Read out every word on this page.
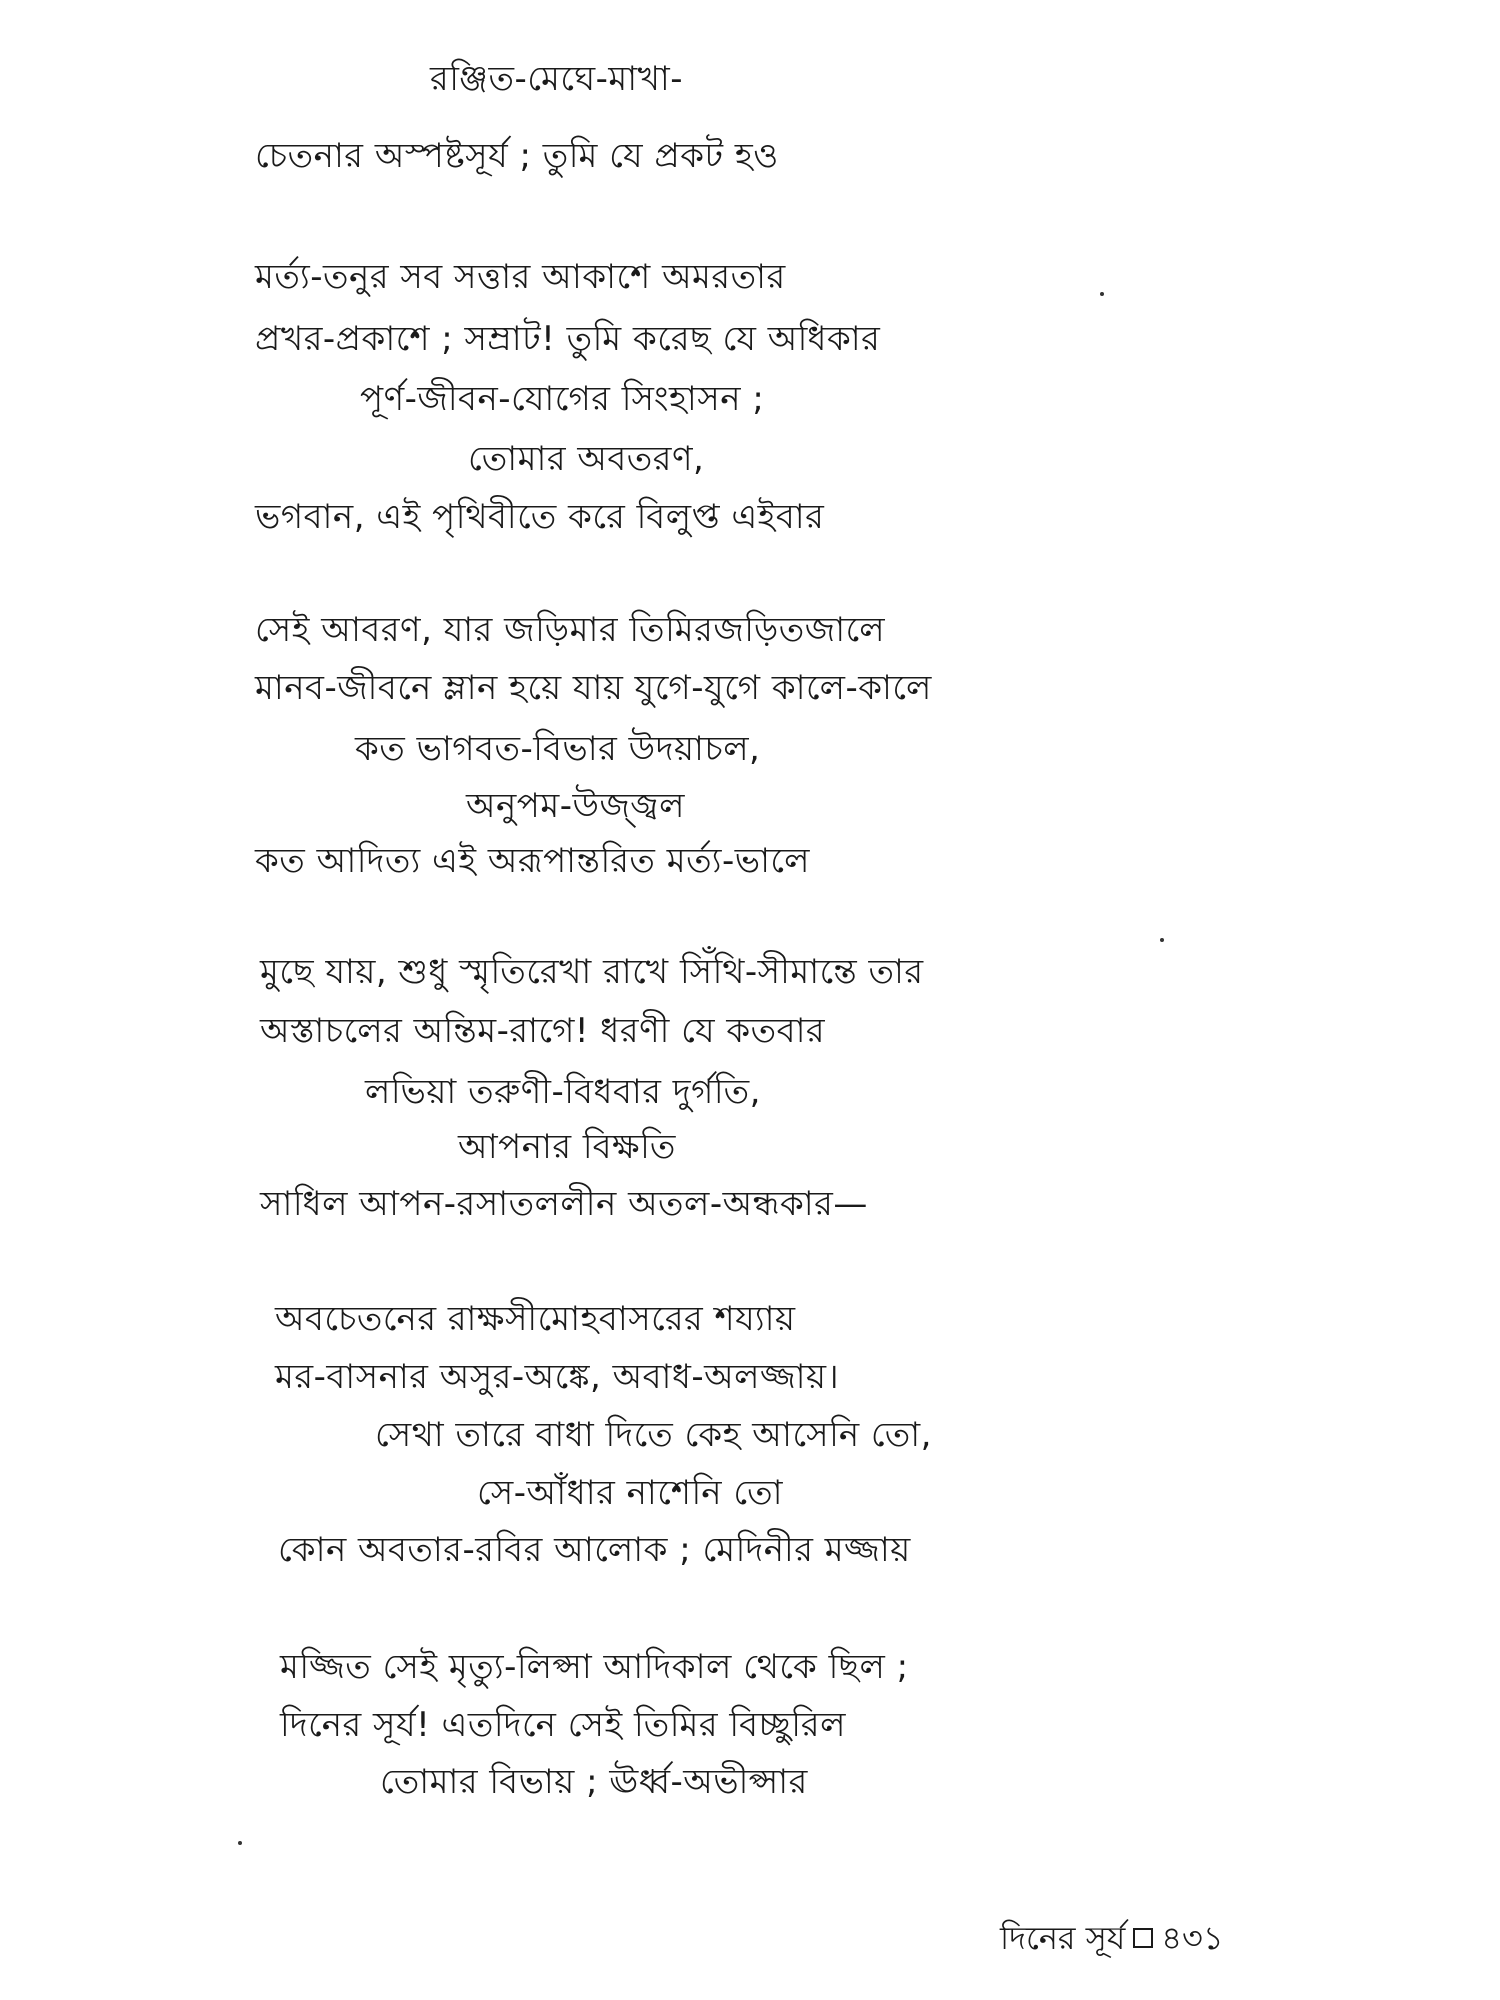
রঞ্জিত-মেঘে-মাখা-
চেতনার অস্পষ্টসূর্য ; তুমি যে প্রকট হও
মর্ত্য-তনুর সব সত্তার আকাশে অমরতার
প্রখর-প্রকাশে ; সম্রাট! তুমি করেছ যে অধিকার
পূর্ণ-জীবন-যোগের সিংহাসন ;
তোমার অবতরণ,
ভগবান, এই পৃথিবীতে করে বিলুপ্ত এইবার
সেই আবরণ, যার জড়িমার তিমিরজড়িতজালে
মানব-জীবনে ম্লান হয়ে যায় যুগে-যুগে কালে-কালে
কত ভাগবত-বিভার উদয়াচল,
অনুপম-উজ্জ্বল
কত আদিত্য এই অরূপান্তরিত মর্ত্য-ভালে
মুছে যায়, শুধু স্মৃতিরেখা রাখে সিঁথি-সীমান্তে তার
অস্তাচলের অন্তিম-রাগে! ধরণী যে কতবার
লভিয়া তরুণী-বিধবার দুর্গতি,
আপনার বিক্ষতি
সাধিল আপন-রসাতললীন অতল-অন্ধকার—
অবচেতনের রাক্ষসীমোহবাসরের শয্যায়
মর-বাসনার অসুর-অঙ্কে, অবাধ-অলজ্জায়।
সেথা তারে বাধা দিতে কেহ আসেনি তো,
সে-আঁধার নাশেনি তো
কোন অবতার-রবির আলোক ; মেদিনীর মজ্জায়
মজ্জিত সেই মৃত্যু-লিপ্সা আদিকাল থেকে ছিল ;
দিনের সূর্য! এতদিনে সেই তিমির বিচ্ছুরিল
তোমার বিভায় ; ঊর্ধ্ব-অভীপ্সার
দিনের সূর্য ৪৩১
